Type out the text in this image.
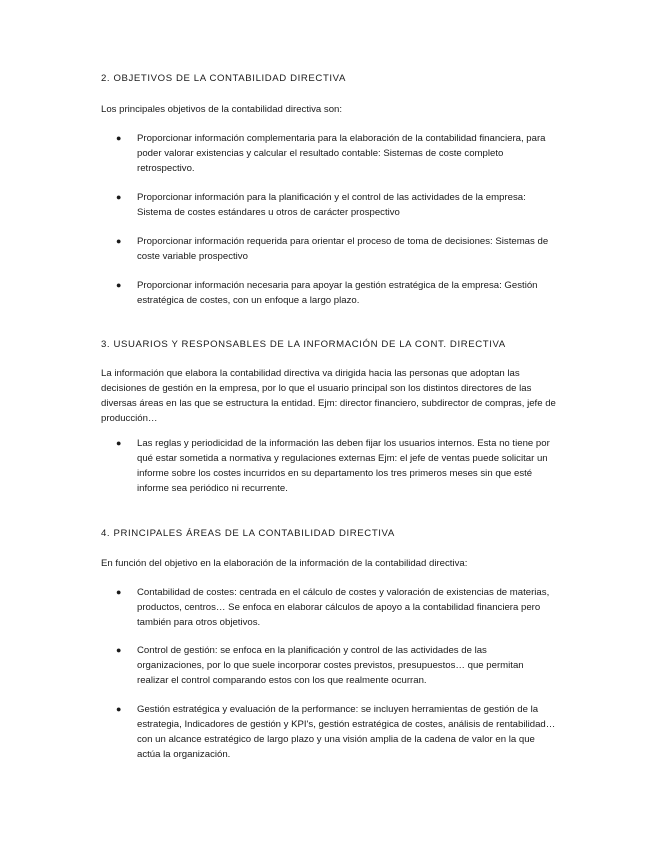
2. OBJETIVOS DE LA CONTABILIDAD DIRECTIVA

Los principales objetivos de la contabilidad directiva son:

● Proporcionar información complementaria para la elaboración de la contabilidad financiera, para poder valorar existencias y calcular el resultado contable: Sistemas de coste completo retrospectivo.
● Proporcionar información para la planificación y el control de las actividades de la empresa: Sistema de costes estándares u otros de carácter prospectivo
● Proporcionar información requerida para orientar el proceso de toma de decisiones: Sistemas de coste variable prospectivo
● Proporcionar información necesaria para apoyar la gestión estratégica de la empresa: Gestión estratégica de costes, con un enfoque a largo plazo.
3. USUARIOS Y RESPONSABLES DE LA INFORMACIÓN DE LA CONT. DIRECTIVA

La información que elabora la contabilidad directiva va dirigida hacia las personas que adoptan las decisiones de gestión en la empresa, por lo que el usuario principal son los distintos directores de las diversas áreas en las que se estructura la entidad. Ejm: director financiero, subdirector de compras, jefe de producción…

● Las reglas y periodicidad de la información las deben fijar los usuarios internos. Esta no tiene por qué estar sometida a normativa y regulaciones externas Ejm: el jefe de ventas puede solicitar un informe sobre los costes incurridos en su departamento los tres primeros meses sin que esté informe sea periódico ni recurrente.
4. PRINCIPALES ÁREAS DE LA CONTABILIDAD DIRECTIVA

En función del objetivo en la elaboración de la información de la contabilidad directiva:

● Contabilidad de costes: centrada en el cálculo de costes y valoración de existencias de materias, productos, centros… Se enfoca en elaborar cálculos de apoyo a la contabilidad financiera pero también para otros objetivos.
● Control de gestión: se enfoca en la planificación y control de las actividades de las organizaciones, por lo que suele incorporar costes previstos, presupuestos… que permitan realizar el control comparando estos con los que realmente ocurran.
● Gestión estratégica y evaluación de la performance: se incluyen herramientas de gestión de la estrategia, Indicadores de gestión y KPI's, gestión estratégica de costes, análisis de rentabilidad… con un alcance estratégico de largo plazo y una visión amplia de la cadena de valor en la que actúa la organización.
